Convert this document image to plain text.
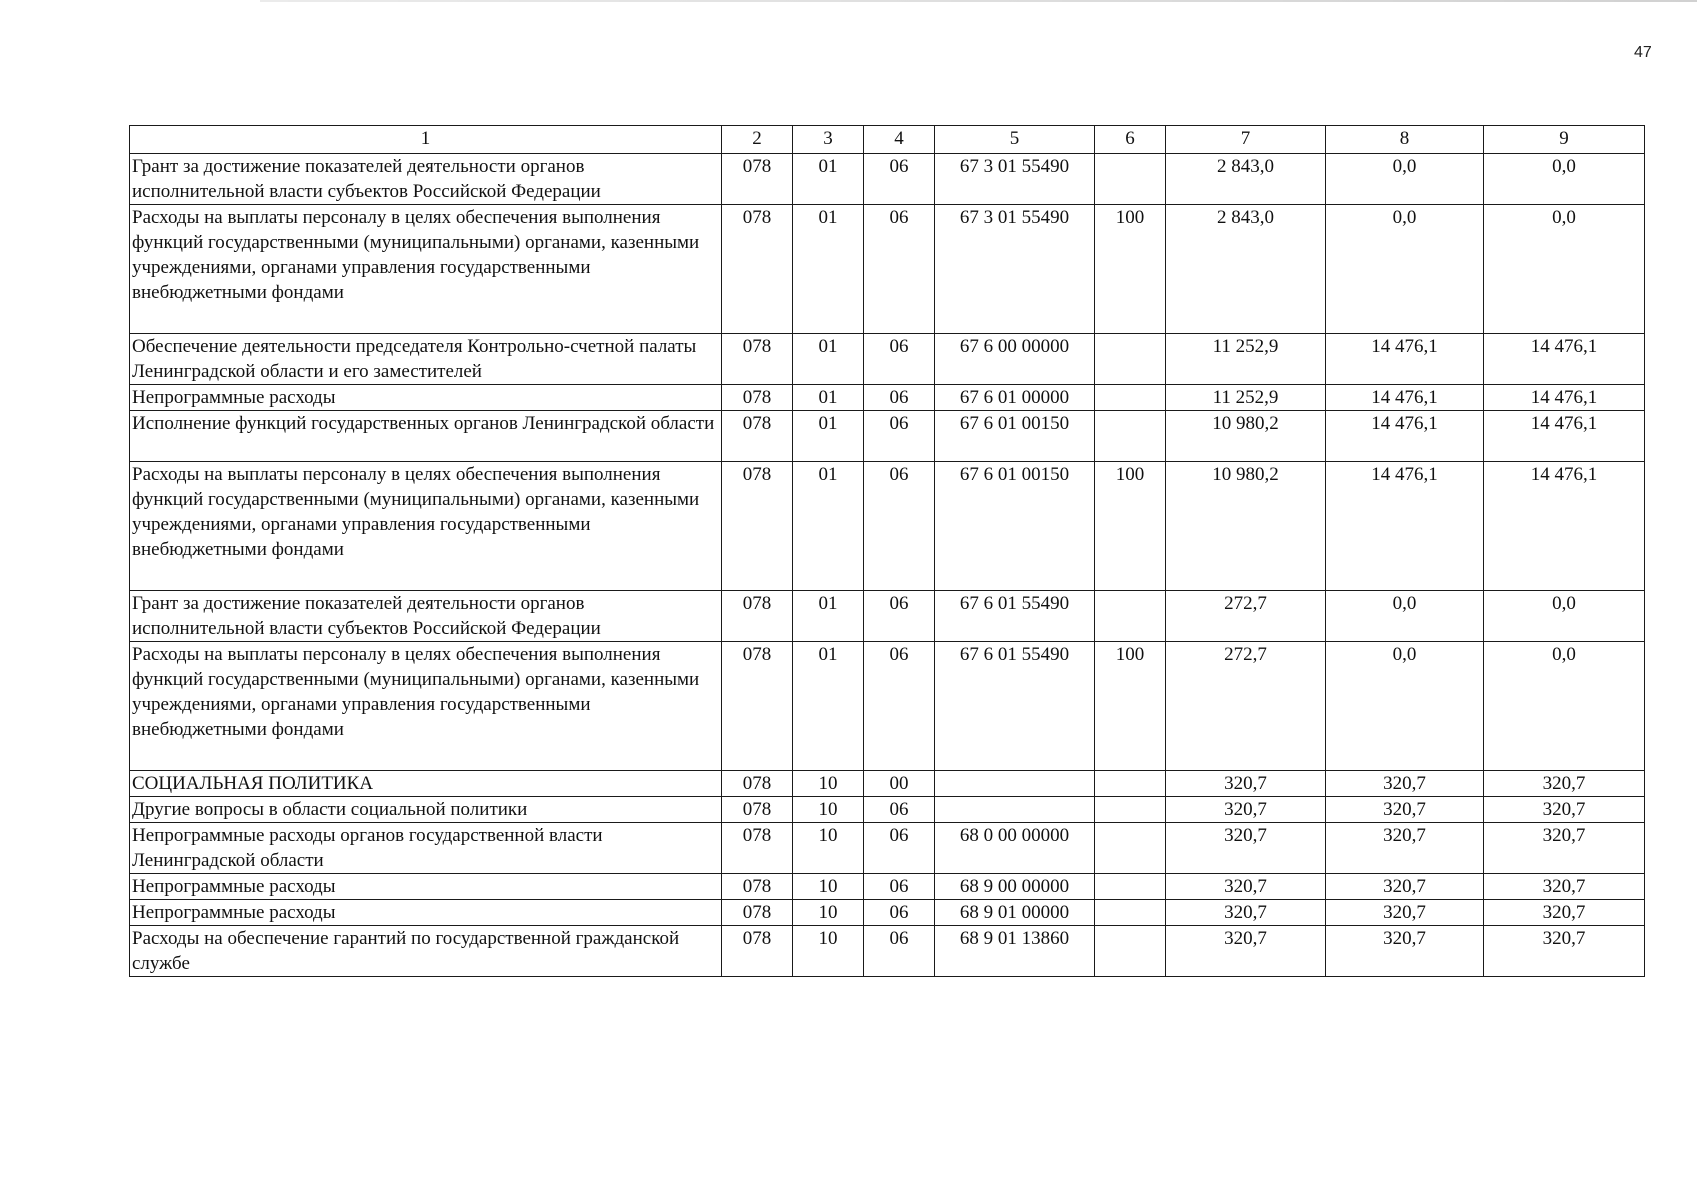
47
1	2	3	4	5	6	7	8	9
Грант за достижение показателей деятельности органов исполнительной власти субъектов Российской Федерации	078	01	06	67 3 01 55490		2 843,0	0,0	0,0
Расходы на выплаты персоналу в целях обеспечения выполнения функций государственными (муниципальными) органами, казенными учреждениями, органами управления государственными внебюджетными фондами	078	01	06	67 3 01 55490	100	2 843,0	0,0	0,0
Обеспечение деятельности председателя Контрольно-счетной палаты Ленинградской области и его заместителей	078	01	06	67 6 00 00000		11 252,9	14 476,1	14 476,1
Непрограммные расходы	078	01	06	67 6 01 00000		11 252,9	14 476,1	14 476,1
Исполнение функций государственных органов Ленинградской области	078	01	06	67 6 01 00150		10 980,2	14 476,1	14 476,1
Расходы на выплаты персоналу в целях обеспечения выполнения функций государственными (муниципальными) органами, казенными учреждениями, органами управления государственными внебюджетными фондами	078	01	06	67 6 01 00150	100	10 980,2	14 476,1	14 476,1
Грант за достижение показателей деятельности органов исполнительной власти субъектов Российской Федерации	078	01	06	67 6 01 55490		272,7	0,0	0,0
Расходы на выплаты персоналу в целях обеспечения выполнения функций государственными (муниципальными) органами, казенными учреждениями, органами управления государственными внебюджетными фондами	078	01	06	67 6 01 55490	100	272,7	0,0	0,0
СОЦИАЛЬНАЯ ПОЛИТИКА	078	10	00			320,7	320,7	320,7
Другие вопросы в области социальной политики	078	10	06			320,7	320,7	320,7
Непрограммные расходы органов государственной власти Ленинградской области	078	10	06	68 0 00 00000		320,7	320,7	320,7
Непрограммные расходы	078	10	06	68 9 00 00000		320,7	320,7	320,7
Непрограммные расходы	078	10	06	68 9 01 00000		320,7	320,7	320,7
Расходы на обеспечение гарантий по государственной гражданской службе	078	10	06	68 9 01 13860		320,7	320,7	320,7
